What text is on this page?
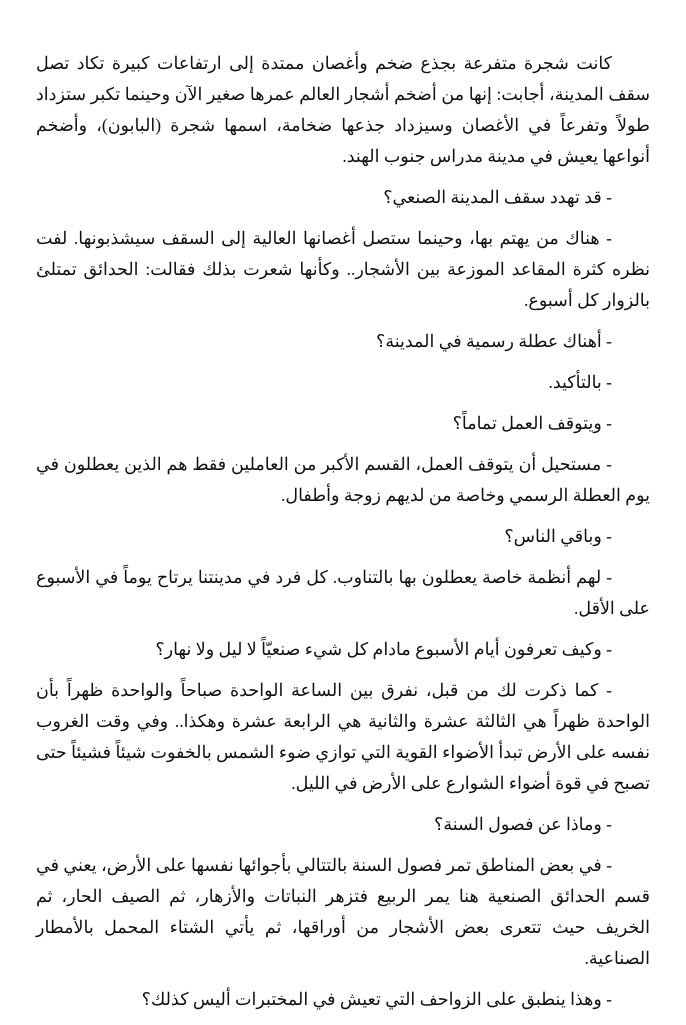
كانت شجرة متفرعة بجذع ضخم وأغصان ممتدة إلى ارتفاعات كبيرة تكاد تصل سقف المدينة، أجابت: إنها من أضخم أشجار العالم عمرها صغير الآن وحينما تكبر ستزداد طولاً وتفرعاً في الأغصان وسيزداد جذعها ضخامة، اسمها شجرة (البابون)، وأضخم أنواعها يعيش في مدينة مدراس جنوب الهند.

- قد تهدد سقف المدينة الصنعي؟

- هناك من يهتم بها، وحينما ستصل أغصانها العالية إلى السقف سيشذبونها. لفت نظره كثرة المقاعد الموزعة بين الأشجار.. وكأنها شعرت بذلك فقالت: الحدائق تمتلئ بالزوار كل أسبوع.

- أهناك عطلة رسمية في المدينة؟

- بالتأكيد.

- ويتوقف العمل تماماً؟

- مستحيل أن يتوقف العمل، القسم الأكبر من العاملين فقط هم الذين يعطلون في يوم العطلة الرسمي وخاصة من لديهم زوجة وأطفال.

- وباقي الناس؟

- لهم أنظمة خاصة يعطلون بها بالتناوب. كل فرد في مدينتنا يرتاح يوماً في الأسبوع على الأقل.

- وكيف تعرفون أيام الأسبوع مادام كل شيء صنعيّاً لا ليل ولا نهار؟

- كما ذكرت لك من قبل، نفرق بين الساعة الواحدة صباحاً والواحدة ظهراً بأن الواحدة ظهراً هي الثالثة عشرة والثانية هي الرابعة عشرة وهكذا.. وفي وقت الغروب نفسه على الأرض تبدأ الأضواء القوية التي توازي ضوء الشمس بالخفوت شيئاً فشيئاً حتى تصبح في قوة أضواء الشوارع على الأرض في الليل.

- وماذا عن فصول السنة؟

- في بعض المناطق تمر فصول السنة بالتتالي بأجوائها نفسها على الأرض، يعني في قسم الحدائق الصنعية هنا يمر الربيع فتزهر النباتات والأزهار، ثم الصيف الحار، ثم الخريف حيث تتعرى بعض الأشجار من أوراقها، ثم يأتي الشتاء المحمل بالأمطار الصناعية.

- وهذا ينطبق على الزواحف التي تعيش في المختبرات أليس كذلك؟
